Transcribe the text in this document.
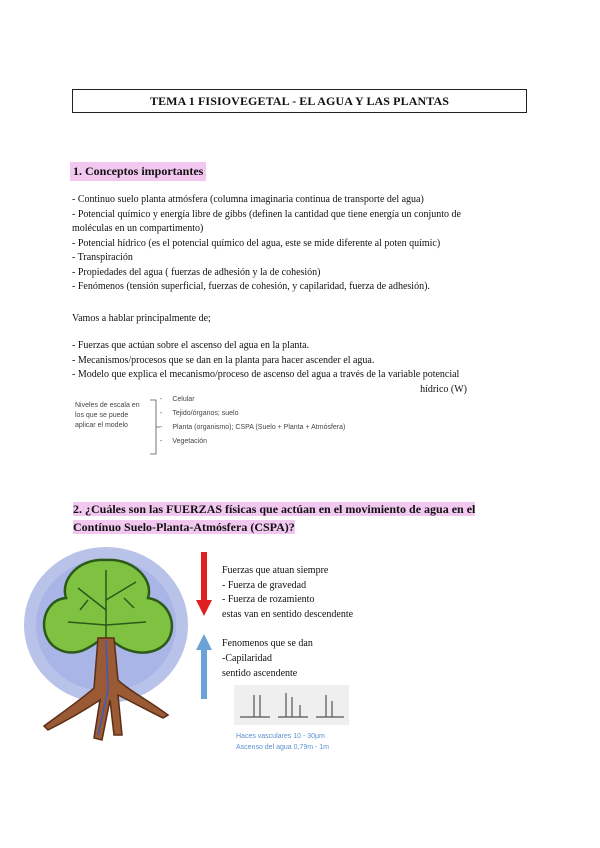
TEMA 1 FISIOVEGETAL - EL AGUA Y LAS PLANTAS
1. Conceptos importantes

- Continuo suelo planta atmósfera (columna imaginaria continua de transporte del agua)

- Potencial químico y energía libre de gibbs (definen la cantidad que tiene energía un conjunto de

moléculas en un compartimento)

- Potencial hídrico (es el potencial químico del agua, este se mide diferente al poten químic)

- Transpiración

- Propiedades del agua ( fuerzas de adhesión y la de cohesión)

- Fenómenos (tensión superficial, fuerzas de cohesión, y capilaridad, fuerza de adhesión).

Vamos a hablar principalmente de;

- Fuerzas que actúan sobre el ascenso del agua en la planta.

- Mecanismos/procesos que se dan en la planta para hacer ascender el agua.

- Modelo que explica el mecanismo/proceso de ascenso del agua a través de la variable potencial

hídrico (W)

Niveles de escala en los que se puede aplicar el modelo

- Celular

- Tejido/órganos; suelo

- Planta (organismo); CSPA (Suelo + Planta + Atmósfera)

- Vegetación

2. ¿Cuáles son las FUERZAS físicas que actúan en el movimiento de agua en el
Contínuo Suelo-Planta-Atmósfera (CSPA)?

Fuerzas que atuan siempre

- Fuerza de gravedad

- Fuerza de rozamiento

estas van en sentido descendente

Fenomenos que se dan

-Capilaridad

sentido ascendente

Haces vasculares 10 - 30µm

Ascenso del agua 0,79m - 1m
